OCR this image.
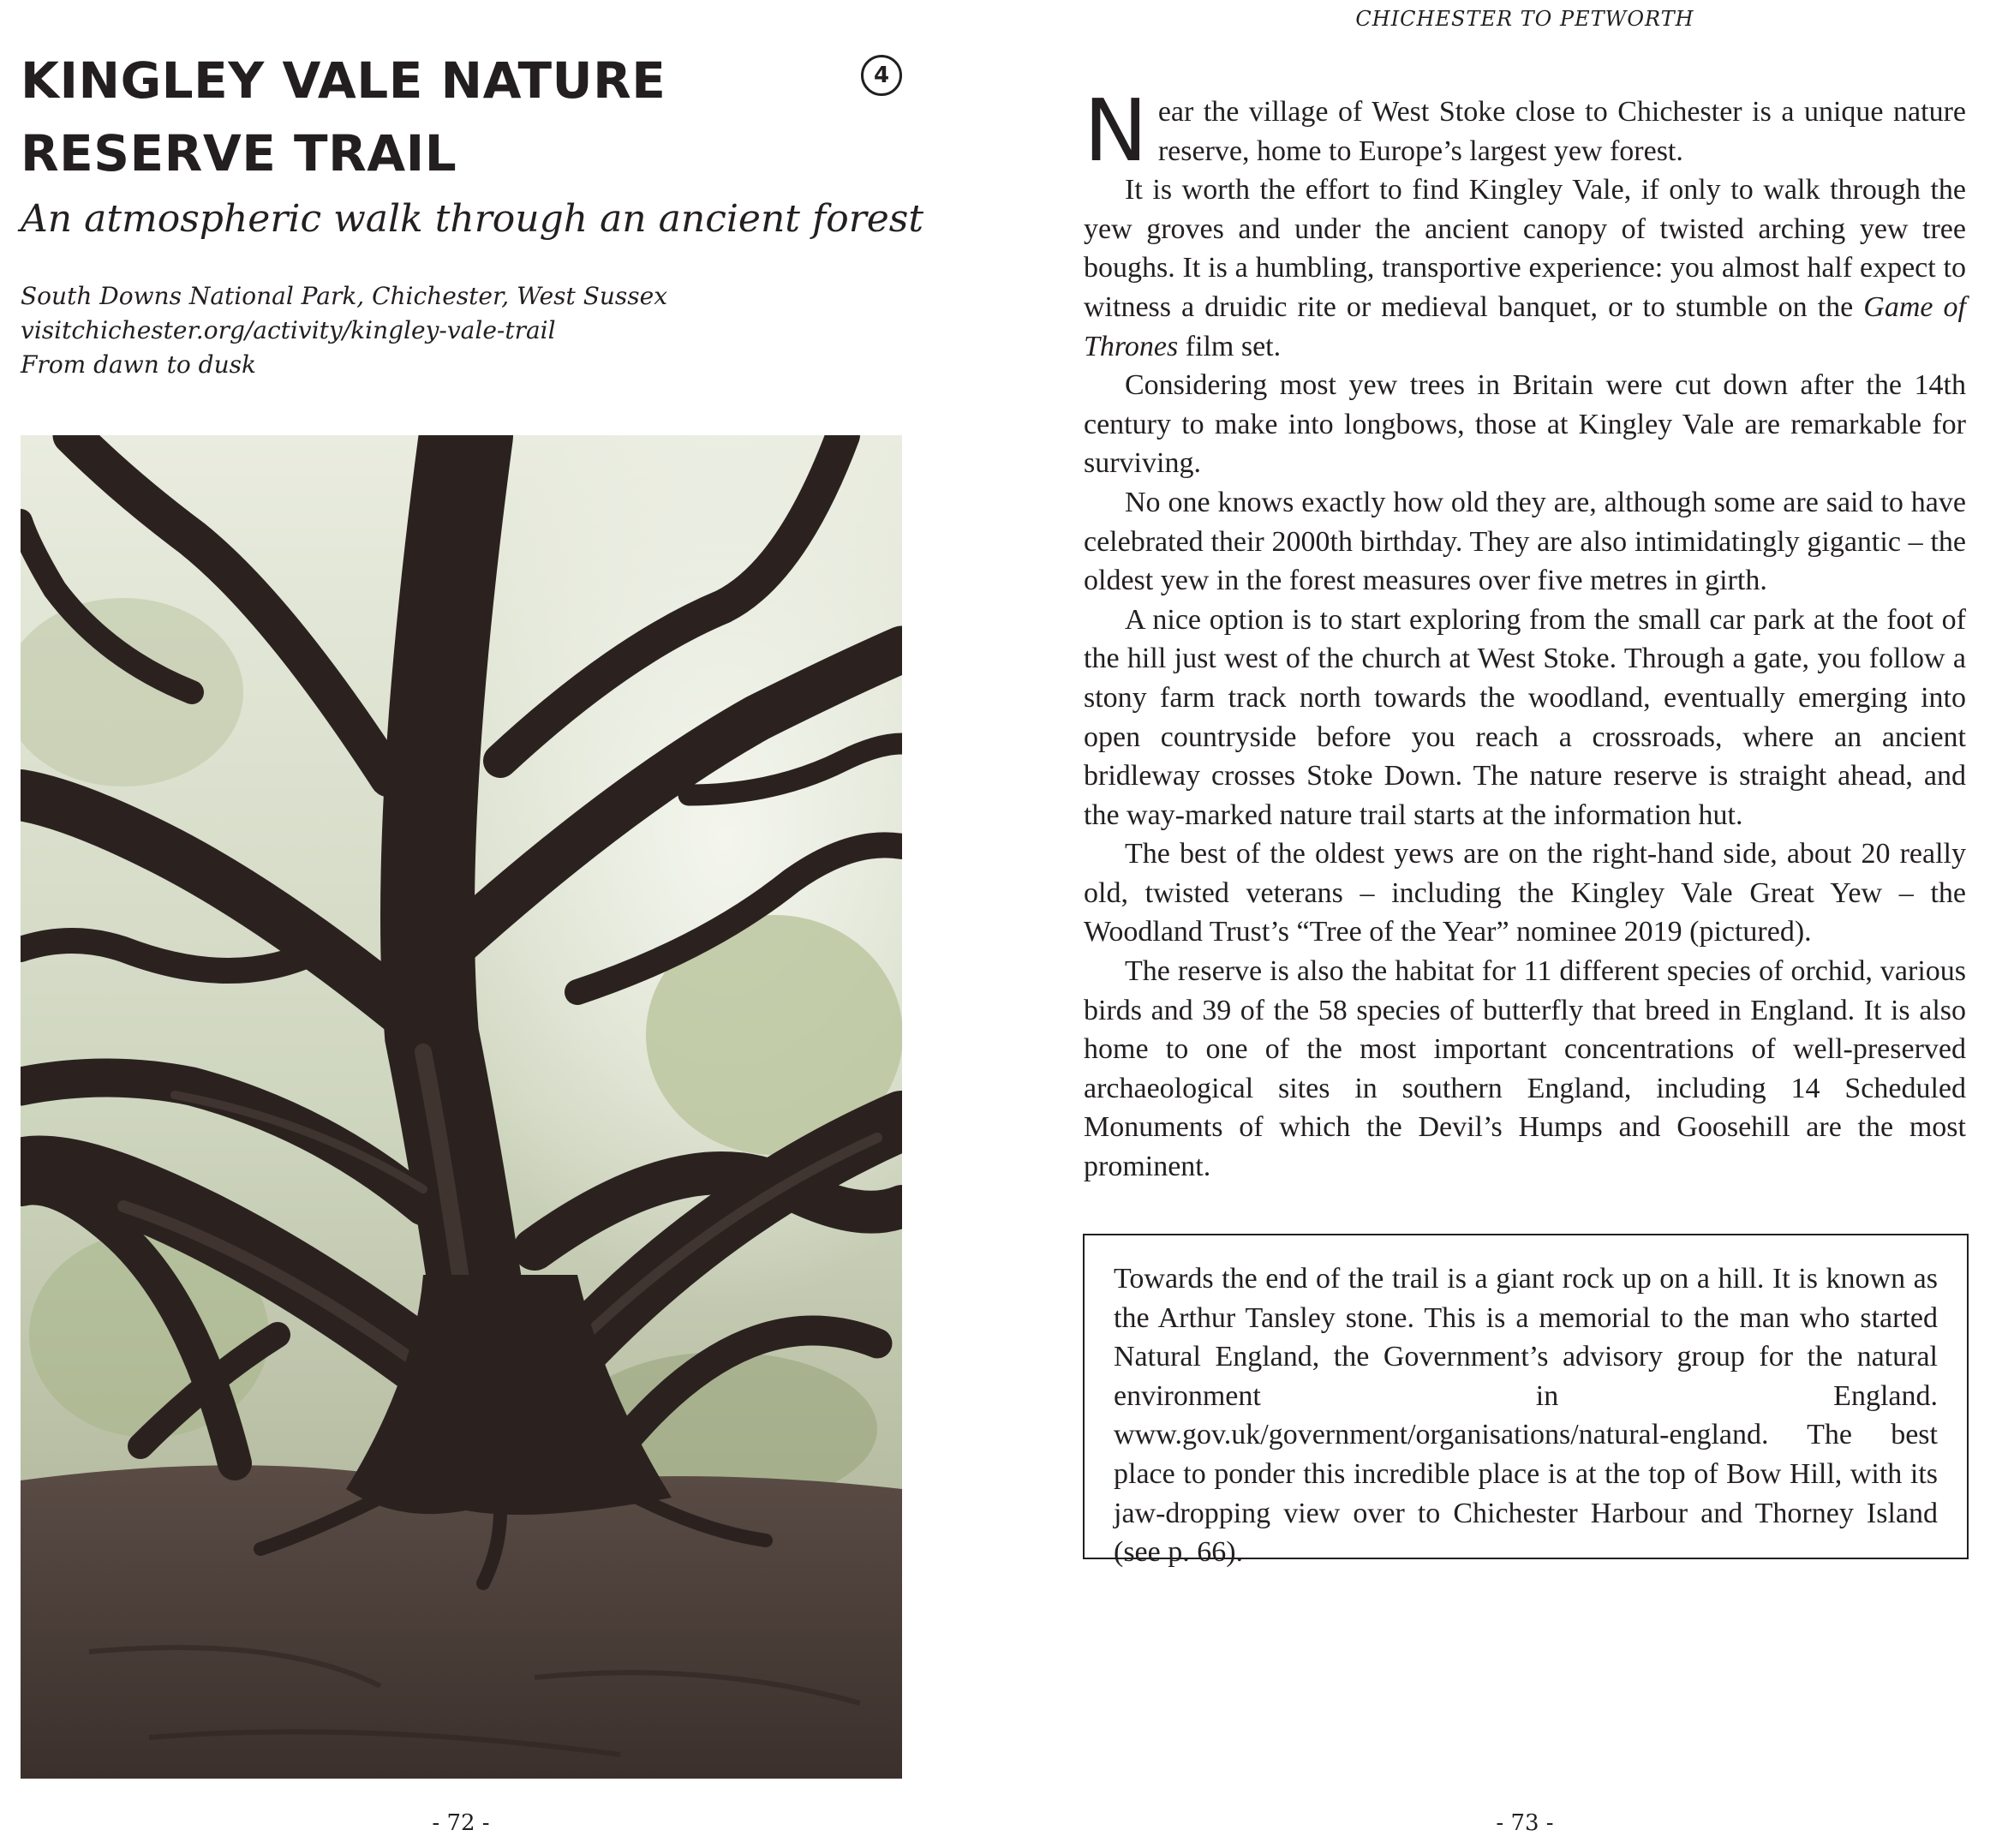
KINGLEY VALE NATURE RESERVE TRAIL
4
An atmospheric walk through an ancient forest
South Downs National Park, Chichester, West Sussex
visitchichester.org/activity/kingley-vale-trail
From dawn to dusk
- 72 -
CHICHESTER TO PETWORTH

Near the village of West Stoke close to Chichester is a unique nature reserve, home to Europe’s largest yew forest.

It is worth the effort to find Kingley Vale, if only to walk through the yew groves and under the ancient canopy of twisted arching yew tree boughs. It is a humbling, transportive experience: you almost half expect to witness a druidic rite or medieval banquet, or to stumble on the Game of Thrones film set.

Considering most yew trees in Britain were cut down after the 14th century to make into longbows, those at Kingley Vale are remarkable for surviving.

No one knows exactly how old they are, although some are said to have celebrated their 2000th birthday. They are also intimidatingly gigantic – the oldest yew in the forest measures over five metres in girth.

A nice option is to start exploring from the small car park at the foot of the hill just west of the church at West Stoke. Through a gate, you follow a stony farm track north towards the woodland, eventually emerging into open countryside before you reach a crossroads, where an ancient bridleway crosses Stoke Down. The nature reserve is straight ahead, and the way-marked nature trail starts at the information hut.

The best of the oldest yews are on the right-hand side, about 20 really old, twisted veterans – including the Kingley Vale Great Yew – the Woodland Trust’s “Tree of the Year” nominee 2019 (pictured).

The reserve is also the habitat for 11 different species of orchid, various birds and 39 of the 58 species of butterfly that breed in England. It is also home to one of the most important concentrations of well-preserved archaeological sites in southern England, including 14 Scheduled Monuments of which the Devil’s Humps and Goosehill are the most prominent.

Towards the end of the trail is a giant rock up on a hill. It is known as the Arthur Tansley stone. This is a memorial to the man who started Natural England, the Government’s advisory group for the natural environment in England. www.gov.uk/government/organisations/natural-england. The best place to ponder this incredible place is at the top of Bow Hill, with its jaw-dropping view over to Chichester Harbour and Thorney Island (see p. 66).
- 73 -
